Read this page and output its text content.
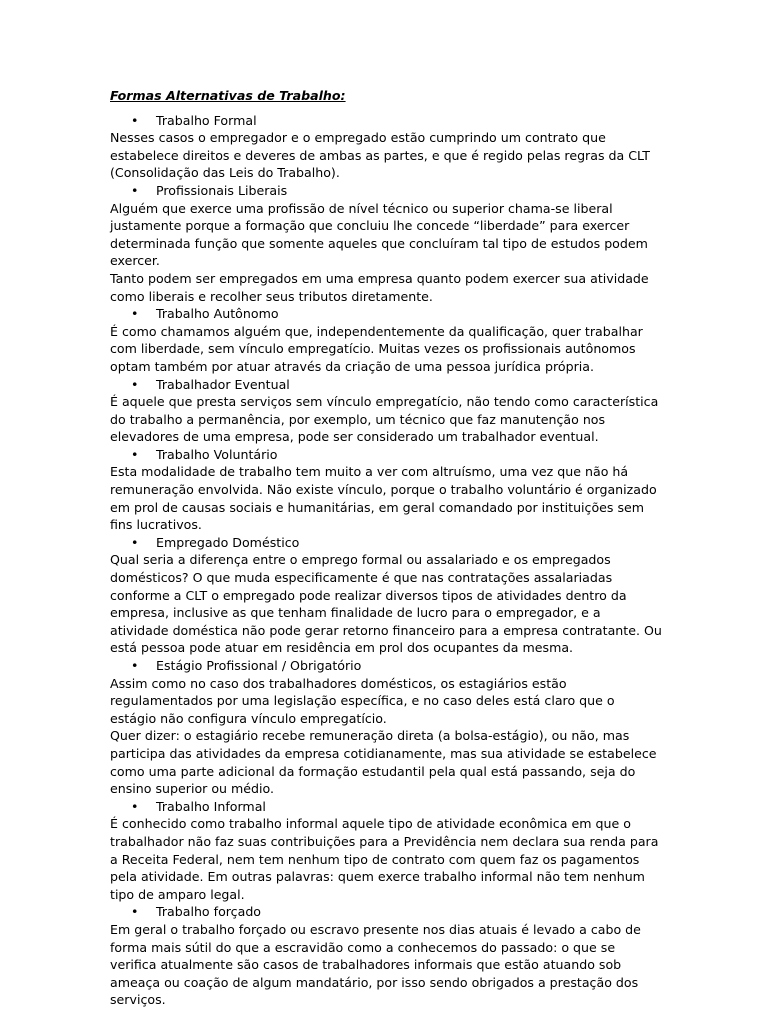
Formas Alternativas de Trabalho:
• Trabalho Formal

Nesses casos o empregador e o empregado estão cumprindo um contrato que estabelece direitos e deveres de ambas as partes, e que é regido pelas regras da CLT (Consolidação das Leis do Trabalho).

• Profissionais Liberais

Alguém que exerce uma profissão de nível técnico ou superior chama-se liberal justamente porque a formação que concluiu lhe concede “liberdade” para exercer determinada função que somente aqueles que concluíram tal tipo de estudos podem exercer.

Tanto podem ser empregados em uma empresa quanto podem exercer sua atividade como liberais e recolher seus tributos diretamente.

• Trabalho Autônomo

É como chamamos alguém que, independentemente da qualificação, quer trabalhar com liberdade, sem vínculo empregatício. Muitas vezes os profissionais autônomos optam também por atuar através da criação de uma pessoa jurídica própria.

• Trabalhador Eventual

É aquele que presta serviços sem vínculo empregatício, não tendo como característica do trabalho a permanência, por exemplo, um técnico que faz manutenção nos elevadores de uma empresa, pode ser considerado um trabalhador eventual.

• Trabalho Voluntário

Esta modalidade de trabalho tem muito a ver com altruísmo, uma vez que não há remuneração envolvida. Não existe vínculo, porque o trabalho voluntário é organizado em prol de causas sociais e humanitárias, em geral comandado por instituições sem fins lucrativos.

• Empregado Doméstico

Qual seria a diferença entre o emprego formal ou assalariado e os empregados domésticos? O que muda especificamente é que nas contratações assalariadas conforme a CLT o empregado pode realizar diversos tipos de atividades dentro da empresa, inclusive as que tenham finalidade de lucro para o empregador, e a atividade doméstica não pode gerar retorno financeiro para a empresa contratante. Ou está pessoa pode atuar em residência em prol dos ocupantes da mesma.

• Estágio Profissional / Obrigatório

Assim como no caso dos trabalhadores domésticos, os estagiários estão regulamentados por uma legislação específica, e no caso deles está claro que o estágio não configura vínculo empregatício.

Quer dizer: o estagiário recebe remuneração direta (a bolsa-estágio), ou não, mas participa das atividades da empresa cotidianamente, mas sua atividade se estabelece como uma parte adicional da formação estudantil pela qual está passando, seja do ensino superior ou médio.

• Trabalho Informal

É conhecido como trabalho informal aquele tipo de atividade econômica em que o trabalhador não faz suas contribuições para a Previdência nem declara sua renda para a Receita Federal, nem tem nenhum tipo de contrato com quem faz os pagamentos pela atividade. Em outras palavras: quem exerce trabalho informal não tem nenhum tipo de amparo legal.

• Trabalho forçado

Em geral o trabalho forçado ou escravo presente nos dias atuais é levado a cabo de forma mais sútil do que a escravidão como a conhecemos do passado: o que se verifica atualmente são casos de trabalhadores informais que estão atuando sob ameaça ou coação de algum mandatário, por isso sendo obrigados a prestação dos serviços.
